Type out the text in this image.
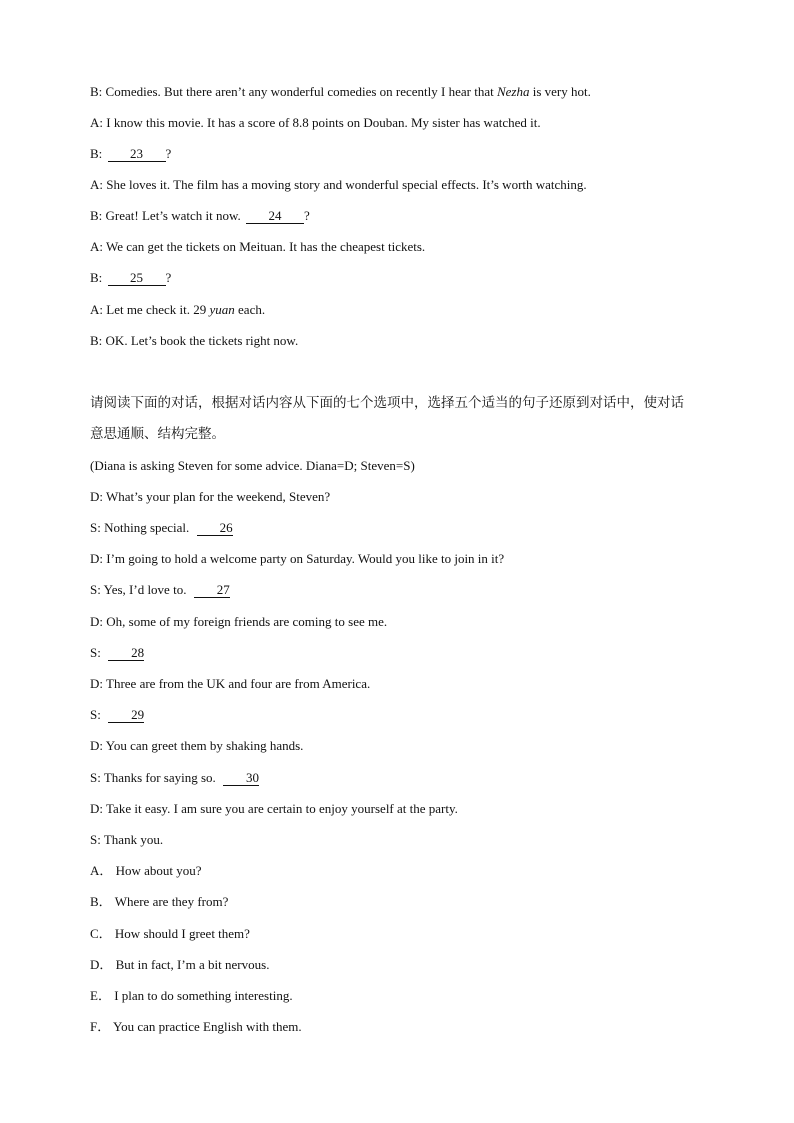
B: Comedies. But there aren’t any wonderful comedies on recently I hear that Nezha is very hot.
A: I know this movie. It has a score of 8.8 points on Douban. My sister has watched it.
B: 23 ?
A: She loves it. The film has a moving story and wonderful special effects. It’s worth watching.
B: Great! Let’s watch it now. 24 ?
A: We can get the tickets on Meituan. It has the cheapest tickets.
B: 25 ?
A: Let me check it. 29 yuan each.
B: OK. Let’s book the tickets right now.
请阅读下面的对话，根据对话内容从下面的七个选项中，选择五个适当的句子还原到对话中，使对话
意思通顺、结构完整。
(Diana is asking Steven for some advice. Diana=D; Steven=S)
D: What’s your plan for the weekend, Steven?
S: Nothing special. 26
D: I’m going to hold a welcome party on Saturday. Would you like to join in it?
S: Yes, I’d love to. 27
D: Oh, some of my foreign friends are coming to see me.
S: 28
D: Three are from the UK and four are from America.
S: 29
D: You can greet them by shaking hands.
S: Thanks for saying so. 30
D: Take it easy. I am sure you are certain to enjoy yourself at the party.
S: Thank you.
A． How about you?
B． Where are they from?
C． How should I greet them?
D． But in fact, I’m a bit nervous.
E． I plan to do something interesting.
F． You can practice English with them.
